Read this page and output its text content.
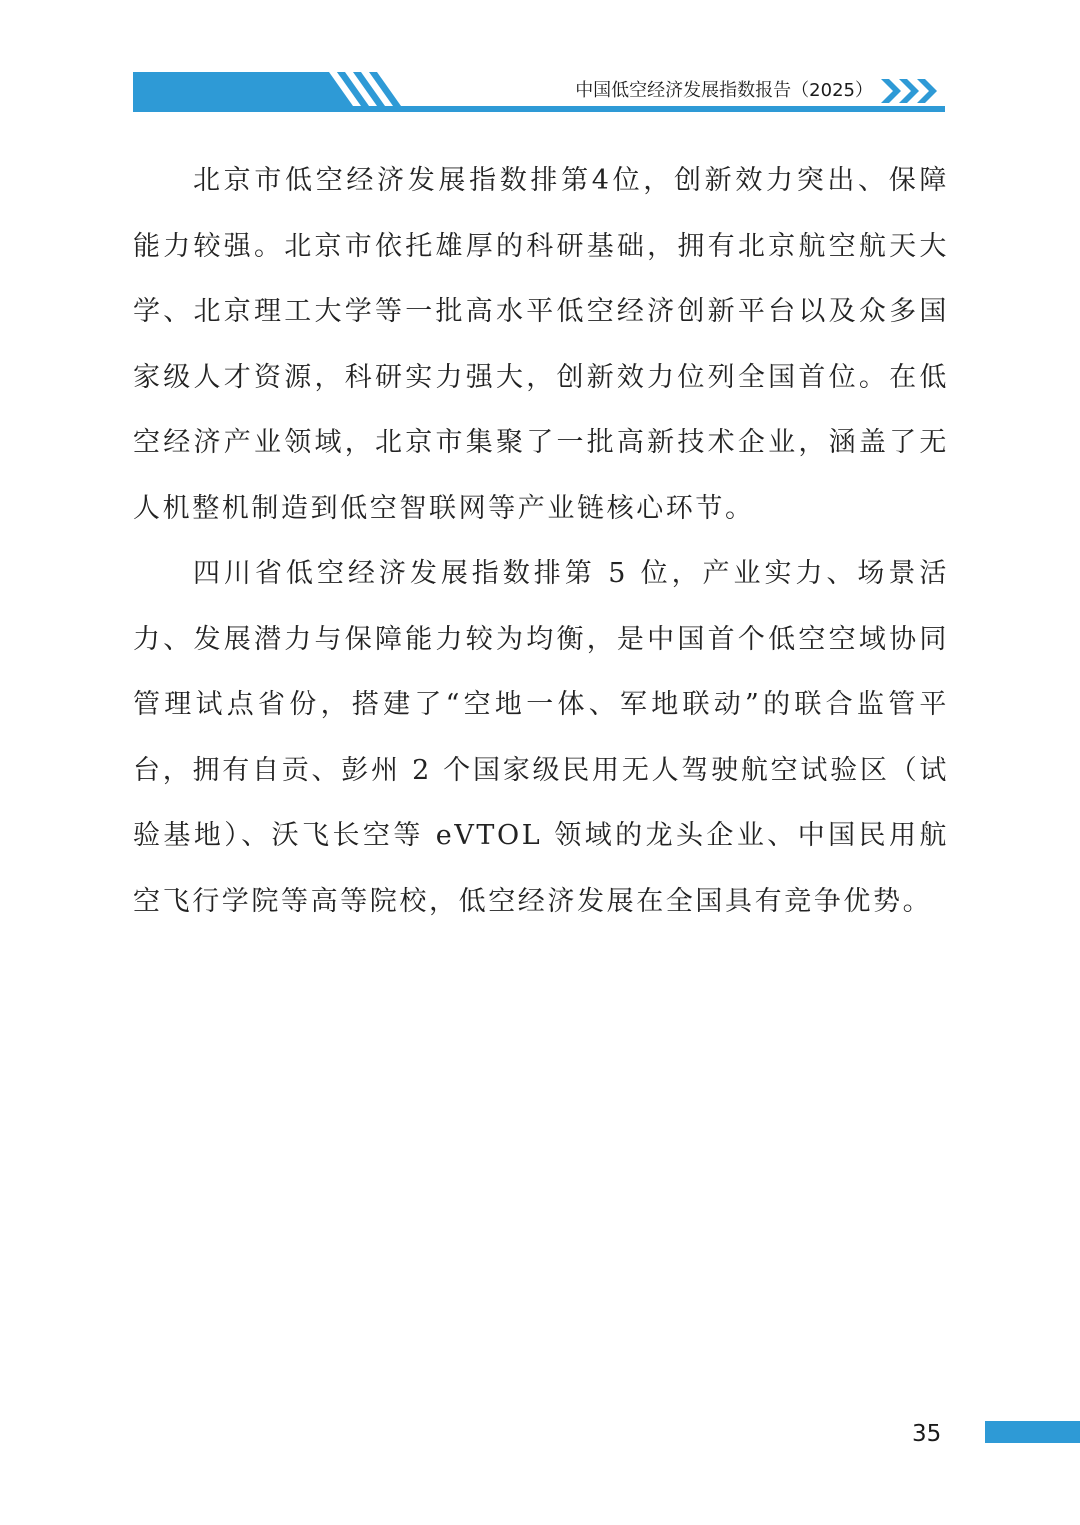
中国低空经济发展指数报告（2025）

北京市低空经济发展指数排第4位，创新效力突出、保障能力较强。北京市依托雄厚的科研基础，拥有北京航空航天大学、北京理工大学等一批高水平低空经济创新平台以及众多国家级人才资源，科研实力强大，创新效力位列全国首位。在低空经济产业领域，北京市集聚了一批高新技术企业，涵盖了无人机整机制造到低空智联网等产业链核心环节。

四川省低空经济发展指数排第 5 位，产业实力、场景活力、发展潜力与保障能力较为均衡，是中国首个低空空域协同管理试点省份，搭建了“空地一体、军地联动”的联合监管平台，拥有自贡、彭州 2 个国家级民用无人驾驶航空试验区（试验基地）、沃飞长空等 eVTOL 领域的龙头企业、中国民用航空飞行学院等高等院校，低空经济发展在全国具有竞争优势。

35
